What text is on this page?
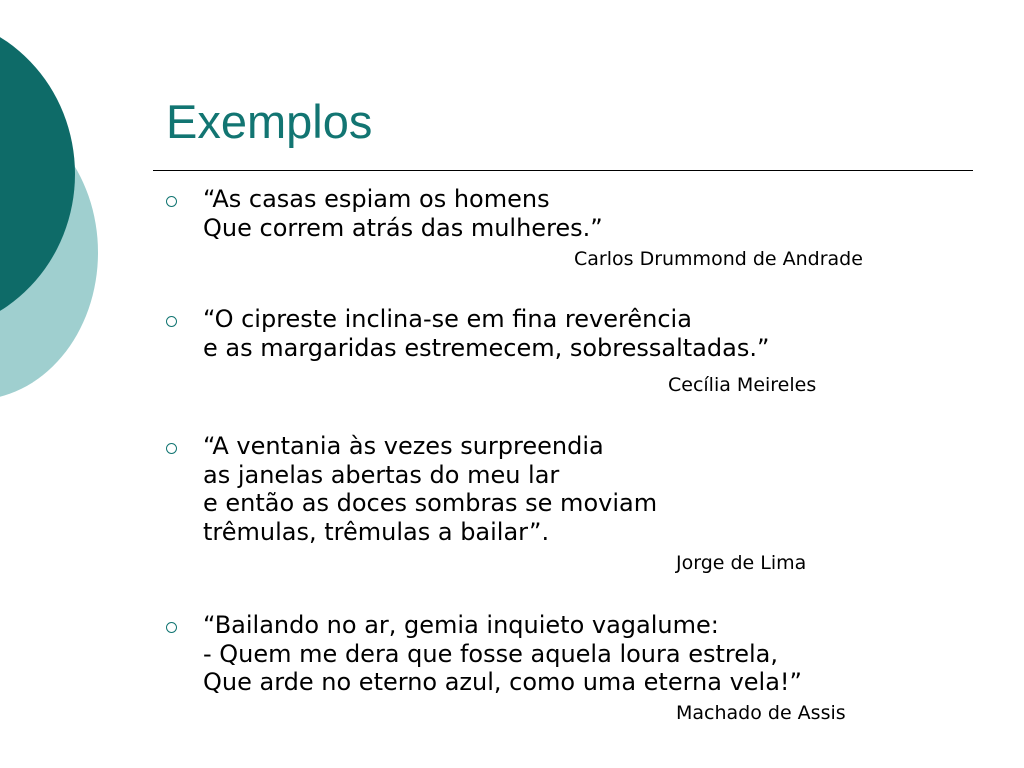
Exemplos
“As casas espiam os homens
Que correm atrás das mulheres.”
Carlos Drummond de Andrade
“O cipreste inclina-se em fina reverência
e as margaridas estremecem, sobressaltadas.”
Cecília Meireles
“A ventania às vezes surpreendia
as janelas abertas do meu lar
e então as doces sombras se moviam
trêmulas, trêmulas a bailar”.
Jorge de Lima
“Bailando no ar, gemia inquieto vagalume:
- Quem me dera que fosse aquela loura estrela,
Que arde no eterno azul, como uma eterna vela!”
Machado de Assis
